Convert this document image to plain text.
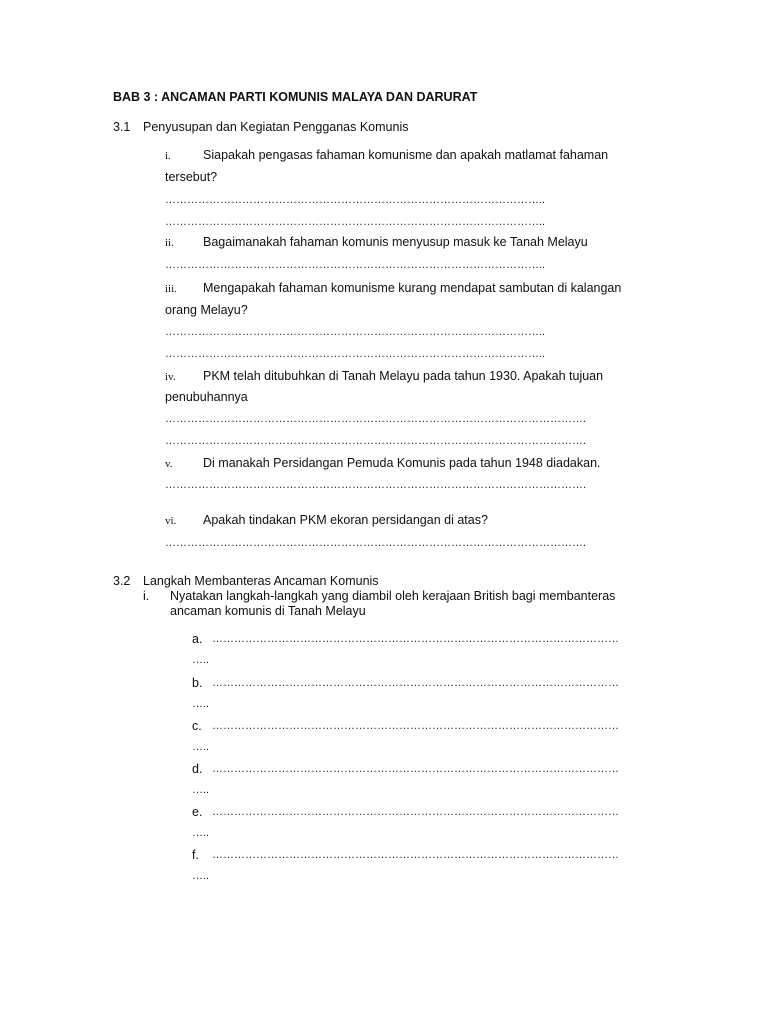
BAB 3 : ANCAMAN PARTI KOMUNIS MALAYA DAN DARURAT
3.1 Penyusupan dan Kegiatan Pengganas Komunis
i.	Siapakah pengasas fahaman komunisme dan apakah matlamat fahaman
tersebut?
…………………………………………………………………………………………..
…………………………………………………………………………………………..
ii. Bagaimanakah fahaman komunis menyusup masuk ke Tanah Melayu
…………………………………………………………………………………………..
iii. Mengapakah fahaman komunisme kurang mendapat sambutan di kalangan
orang Melayu?
…………………………………………………………………………………………..
…………………………………………………………………………………………..
iv. PKM telah ditubuhkan di Tanah Melayu pada tahun 1930. Apakah tujuan
penubuhannya
…………………………………………………………………………………………………….
…………………………………………………………………………………………………….
v. Di manakah Persidangan Pemuda Komunis pada tahun 1948 diadakan.
…………………………………………………………………………………………………….
vi. Apakah tindakan PKM ekoran persidangan di atas?
…………………………………………………………………………………………………….
3.2 Langkah Membanteras Ancaman Komunis
i. Nyatakan langkah-langkah yang diambil oleh kerajaan British bagi membanteras
ancaman komunis di Tanah Melayu
a. …………………………………………………………………………………………………
…..
b. …………………………………………………………………………………………………
…..
c. …………………………………………………………………………………………………
…..
d. …………………………………………………………………………………………………
…..
e. …………………………………………………………………………………………………
…..
f. …………………………………………………………………………………………………
…..
